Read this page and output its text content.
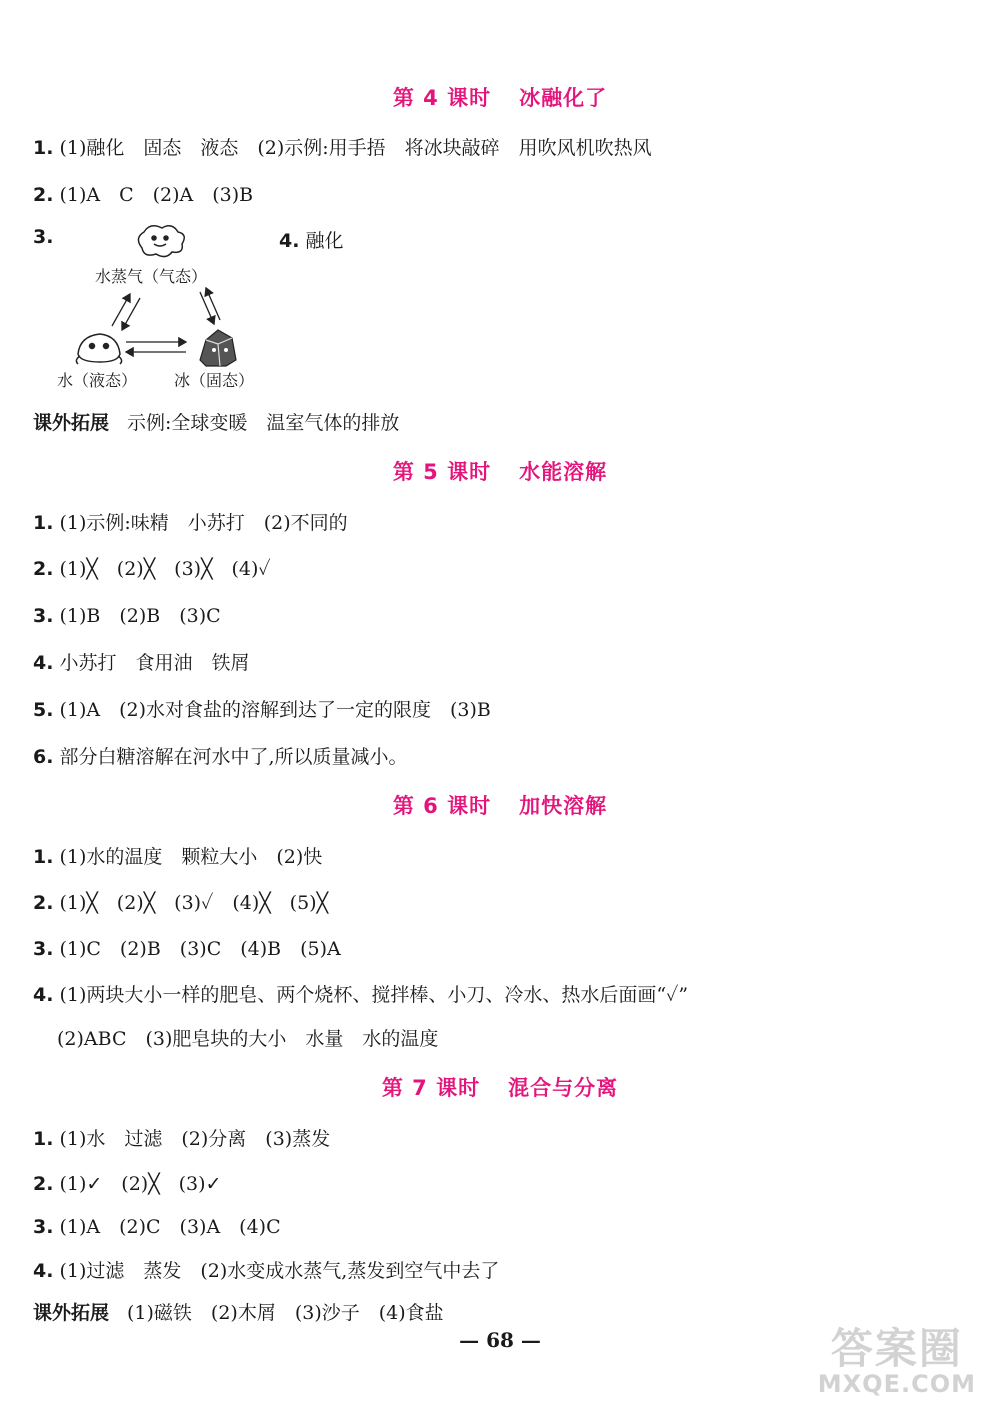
第 4 课时 冰融化了
1. (1)融化　固态　液态　(2)示例:用手捂　将冰块敲碎　用吹风机吹热风
2. (1)A　C　(2)A　(3)B
3.	4. 融化
水蒸气（气态）
水（液态） 冰（固态）
课外拓展 示例:全球变暖　温室气体的排放
第 5 课时 水能溶解
1. (1)示例:味精　小苏打　(2)不同的
2. (1)╳　(2)╳　(3)╳　(4)✓
3. (1)B　(2)B　(3)C
4. 小苏打　食用油　铁屑
5. (1)A　(2)水对食盐的溶解到达了一定的限度　(3)B
6. 部分白糖溶解在河水中了,所以质量减小。
第 6 课时 加快溶解
1. (1)水的温度　颗粒大小　(2)快
2. (1)╳　(2)╳　(3)✓　(4)╳　(5)╳
3. (1)C　(2)B　(3)C　(4)B　(5)A
4. (1)两块大小一样的肥皂、两个烧杯、搅拌棒、小刀、冷水、热水后面画“✓”
(2)ABC　(3)肥皂块的大小　水量　水的温度
第 7 课时 混合与分离
1. (1)水　过滤　(2)分离　(3)蒸发
2. (1)✓　(2)╳　(3)✓
3. (1)A　(2)C　(3)A　(4)C
4. (1)过滤　蒸发　(2)水变成水蒸气,蒸发到空气中去了
课外拓展 (1)磁铁　(2)木屑　(3)沙子　(4)食盐
— 68 —	答案圈
MXQE.COM
